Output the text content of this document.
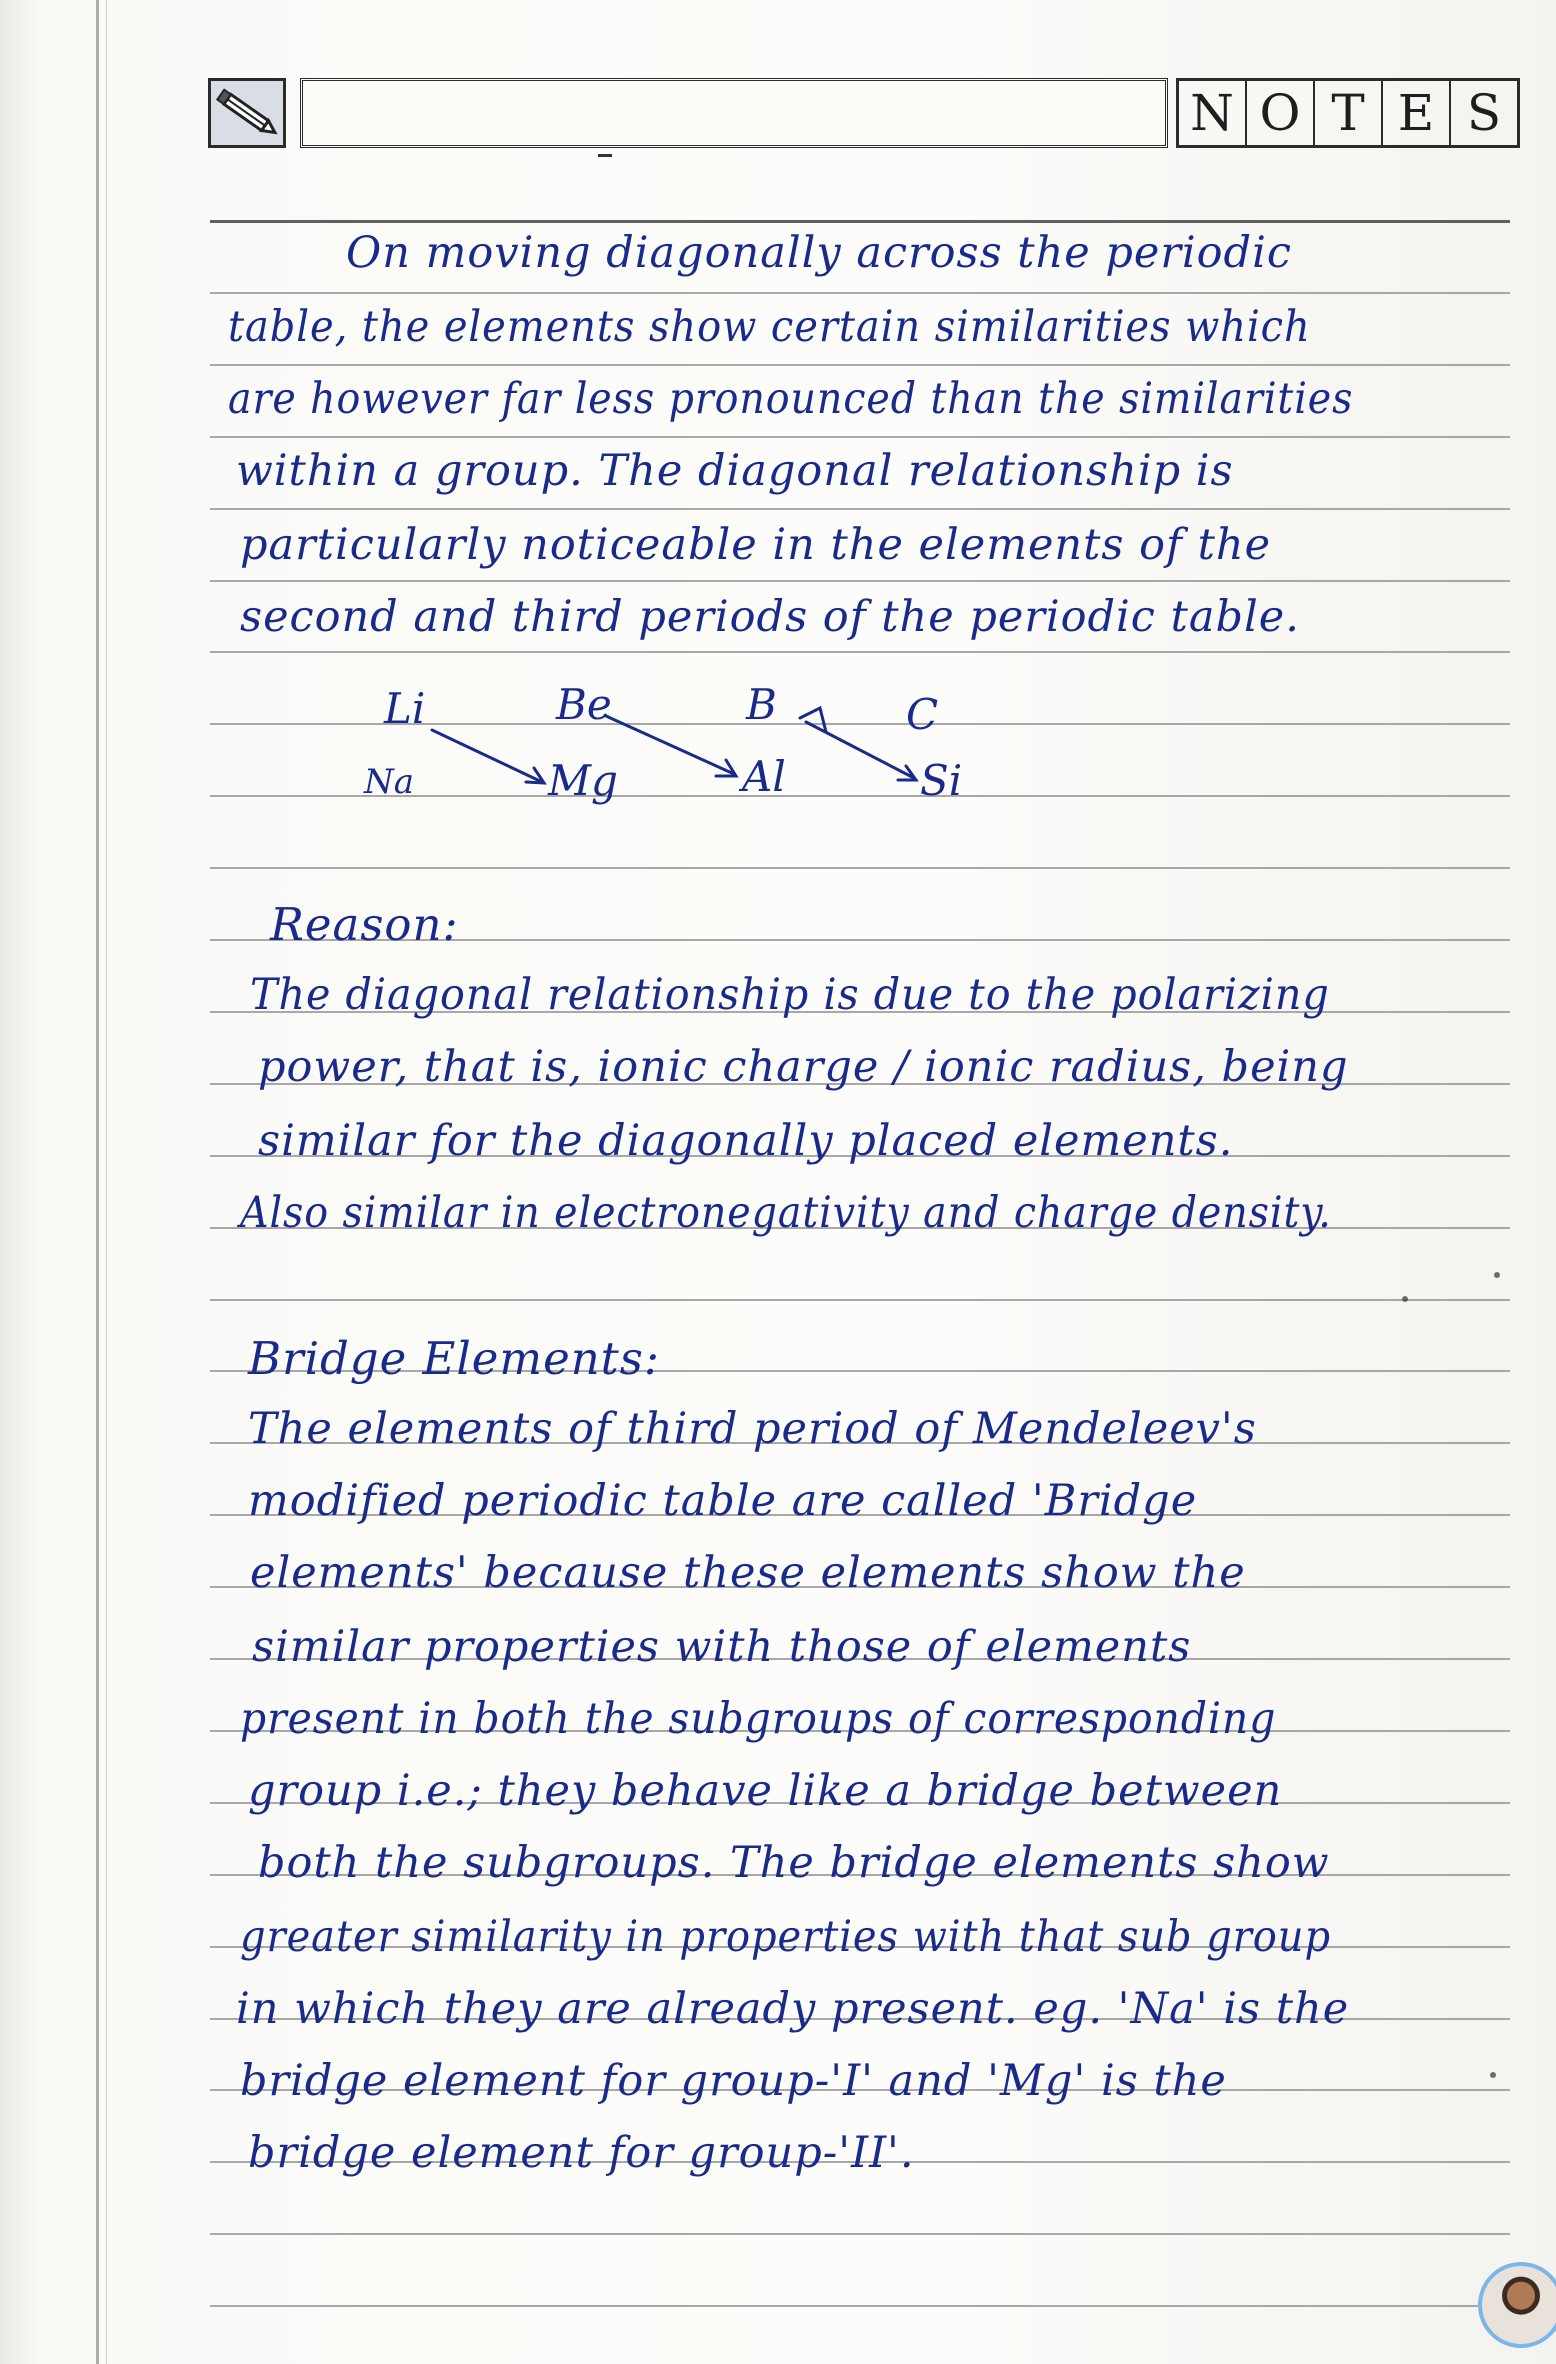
N O T E S
On moving diagonally across the periodic
table, the elements show certain similarities which
are however far less pronounced than the similarities
within a group. The diagonal relationship is
particularly noticeable in the elements of the
second and third periods of the periodic table.
Li	Be	B	C
Na	Mg	Al	Si
Reason:
The diagonal relationship is due to the polarizing
power, that is, ionic charge / ionic radius, being
similar for the diagonally placed elements.
Also similar in electronegativity and charge density.
Bridge Elements:
The elements of third period of Mendeleev's
modified periodic table are called 'Bridge
elements' because these elements show the
similar properties with those of elements
present in both the subgroups of corresponding
group i.e.; they behave like a bridge between
both the subgroups. The bridge elements show
greater similarity in properties with that sub group
in which they are already present. eg. 'Na' is the
bridge element for group-'I' and 'Mg' is the
bridge element for group-'II'.
